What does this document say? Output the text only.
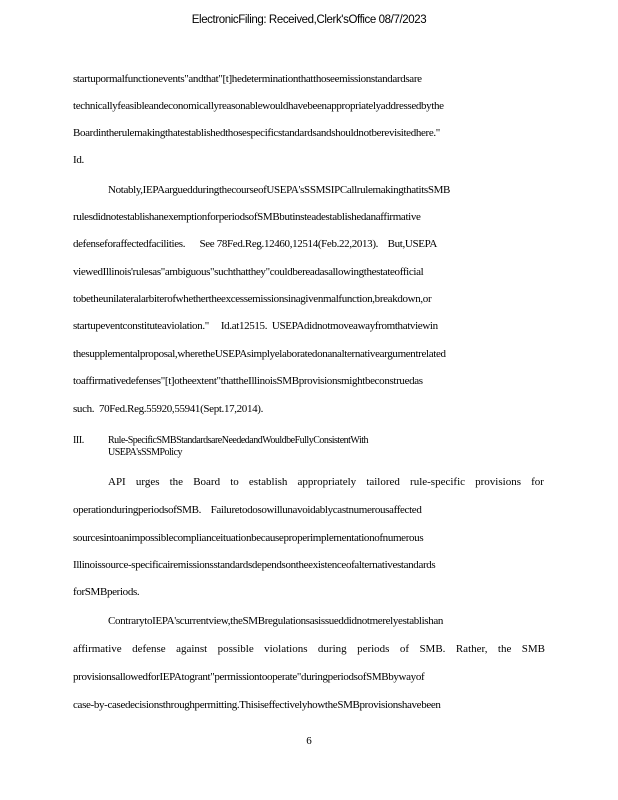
ElectronicFiling: Received,Clerk'sOffice 08/7/2023
startupormalfunctionevents"andthat"[t]hedeterminationthatthoseemissionstandardsare
technicallyfeasibleandeconomicallyreasonablewouldhavebeenappropriatelyaddressedbythe
Boardintherulemakingthatestablishedthosespecificstandardsandshouldnotberevisitedhere."
Id.
Notably,IEPAarguedduringthecourseofUSEPA'sSSMSIPCallrulemakingthatitsSMB
rulesdidnotestablishanexemptionforperiodsofSMBbutinsteadestablishedanaffirmative
defenseforaffectedfacilities.      See 78Fed.Reg.12460,12514(Feb.22,2013).    But,USEPA
viewedIllinois'rulesas"ambiguous"suchthatthey"couldbereadasallowingthestateofficial
tobetheunilateralarbiterofwhethertheexcessemissionsinagivenmalfunction,breakdown,or
startupeventconstituteaviolation."     Id.at12515.  USEPAdidnotmoveawayfromthatviewin
thesupplementalproposal,wheretheUSEPAsimplyelaboratedonanalternativeargumentrelated
toaffirmativedefenses"[t]otheextent"thattheIllinoisSMBprovisionsmightbeconstruedas
such.  70Fed.Reg.55920,55941(Sept.17,2014).
III. Rule-SpecificSMBStandardsareNeededandWouldbeFullyConsistentWith
USEPA'sSSMPolicy
API urges the Board to establish appropriately tailored rule-specific provisions for
operationduringperiodsofSMB.    Failuretodosowillunavoidablycastnumerousaffected
sourcesintoanimpossiblecomplianceituationbecauseproperimplementationofnumerous
Illinoissource-specificairemissionsstandardsdependsontheexistenceofalternativestandards
forSMBperiods.
ContrarytoIEPA'scurrentview,theSMBregulationsasissueddidnotmerelyestablishan
affirmative defense against possible violations during periods of SMB. Rather, the SMB
provisionsallowedforIEPAtogrant"permissiontooperate"duringperiodsofSMBbywayof
case-by-casedecisionsthroughpermitting.ThisiseffectivelyhowtheSMBprovisionshavebeen
6
